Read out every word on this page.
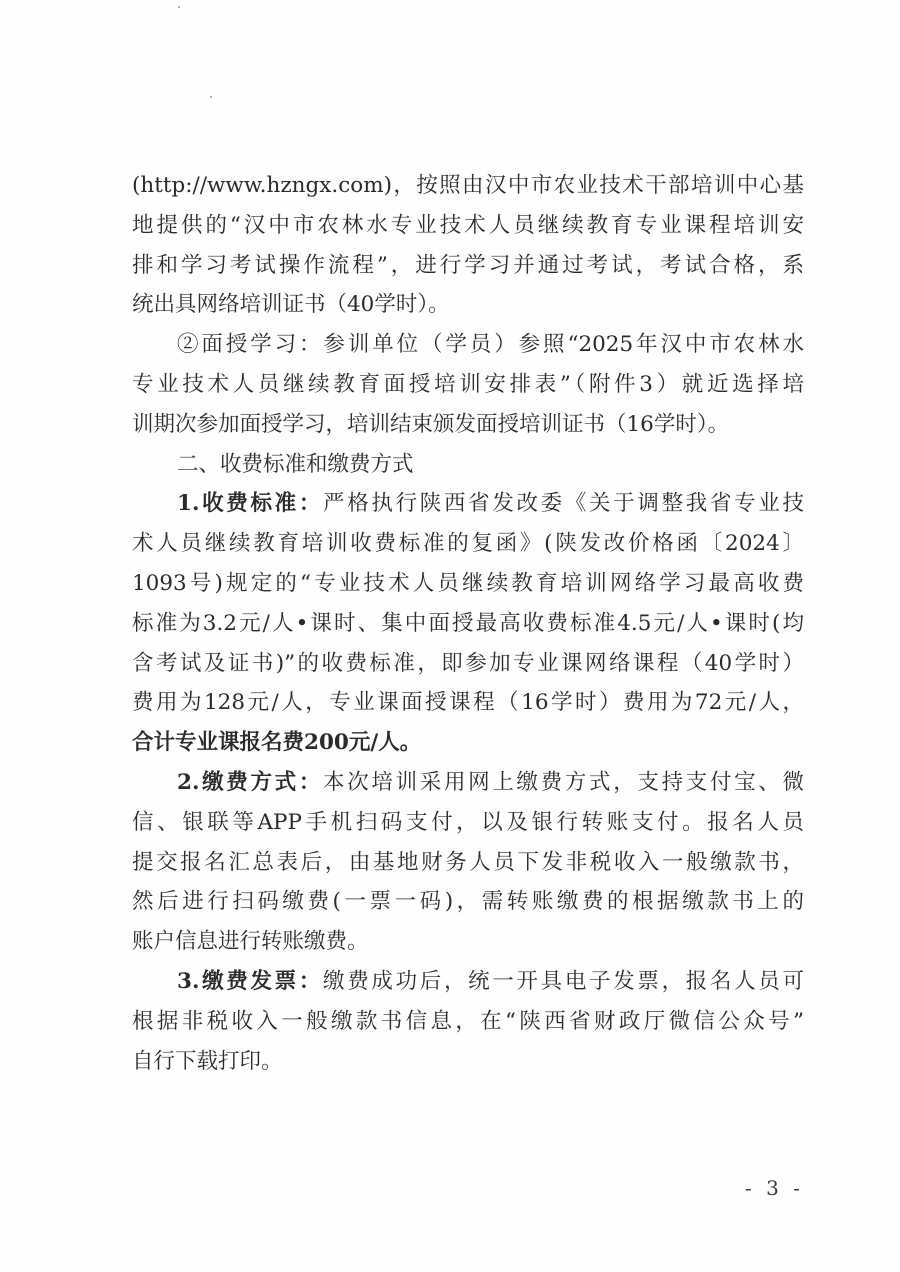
(http://www.hzngx.com)，按照由汉中市农业技术干部培训中心基
地提供的“汉中市农林水专业技术人员继续教育专业课程培训安
排和学习考试操作流程”，进行学习并通过考试，考试合格，系
统出具网络培训证书（40学时）。
②面授学习：参训单位（学员）参照“2025年汉中市农林水
专业技术人员继续教育面授培训安排表”（附件3）就近选择培
训期次参加面授学习，培训结束颁发面授培训证书（16学时）。
二、收费标准和缴费方式
1.收费标准：严格执行陕西省发改委《关于调整我省专业技
术人员继续教育培训收费标准的复函》(陕发改价格函〔2024〕
1093号)规定的“专业技术人员继续教育培训网络学习最高收费
标准为3.2元/人•课时、集中面授最高收费标准4.5元/人•课时(均
含考试及证书)”的收费标准，即参加专业课网络课程（40学时）
费用为128元/人，专业课面授课程（16学时）费用为72元/人，
合计专业课报名费200元/人。
2.缴费方式：本次培训采用网上缴费方式，支持支付宝、微
信、银联等APP手机扫码支付，以及银行转账支付。报名人员
提交报名汇总表后，由基地财务人员下发非税收入一般缴款书，
然后进行扫码缴费(一票一码)，需转账缴费的根据缴款书上的
账户信息进行转账缴费。
3.缴费发票：缴费成功后，统一开具电子发票，报名人员可
根据非税收入一般缴款书信息，在“陕西省财政厅微信公众号”
自行下载打印。
- 3 -
